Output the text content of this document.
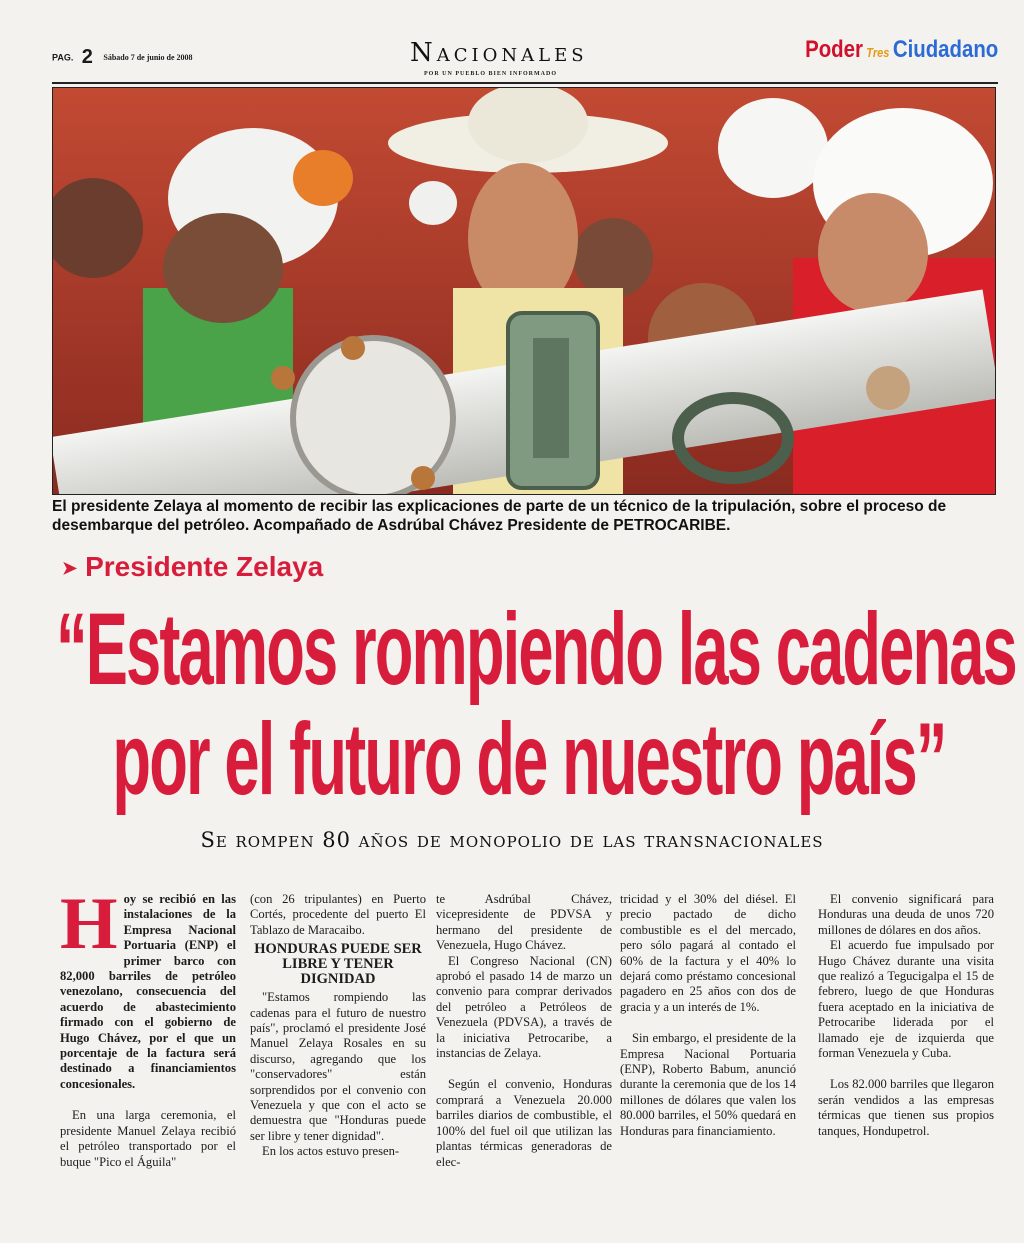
PAG. 2 Sábado 7 de junio de 2008	Nacionales
POR UN PUEBLO BIEN INFORMADO
Poder Tres Ciudadano
El presidente Zelaya al momento de recibir las explicaciones de parte de un técnico de la tripulación, sobre el proceso de desembarque del petróleo. Acompañado de Asdrúbal Chávez Presidente de PETROCARIBE.
➤ Presidente Zelaya
“Estamos rompiendo las cadenas
por el futuro de nuestro país”
Se rompen 80 años de monopolio de las transnacionales
H oy se recibió en las instalaciones de la Empresa Nacional Portuaria (ENP) el primer barco con 82,000 barriles de petróleo venezolano, consecuencia del acuerdo de abastecimiento firmado con el gobierno de Hugo Chávez, por el que un porcentaje de la factura será destinado a financiamientos concesionales.

En una larga ceremonia, el presidente Manuel Zelaya recibió el petróleo transportado por el buque "Pico el Águila"

(con 26 tripulantes) en Puerto Cortés, procedente del puerto El Tablazo de Maracaibo.

HONDURAS PUEDE SER LIBRE Y TENER DIGNIDAD

"Estamos rompiendo las cadenas para el futuro de nuestro país", proclamó el presidente José Manuel Zelaya Rosales en su discurso, agregando que los "conservadores" están sorprendidos por el convenio con Venezuela y que con el acto se demuestra que "Honduras puede ser libre y tener dignidad".

En los actos estuvo presen-

te Asdrúbal Chávez, vicepresidente de PDVSA y hermano del presidente de Venezuela, Hugo Chávez.

El Congreso Nacional (CN) aprobó el pasado 14 de marzo un convenio para comprar derivados del petróleo a Petróleos de Venezuela (PDVSA), a través de la iniciativa Petrocaribe, a instancias de Zelaya.

Según el convenio, Honduras comprará a Venezuela 20.000 barriles diarios de combustible, el 100% del fuel oil que utilizan las plantas térmicas generadoras de elec-

tricidad y el 30% del diésel. El precio pactado de dicho combustible es el del mercado, pero sólo pagará al contado el 60% de la factura y el 40% lo dejará como préstamo concesional pagadero en 25 años con dos de gracia y a un interés de 1%.

Sin embargo, el presidente de la Empresa Nacional Portuaria (ENP), Roberto Babum, anunció durante la ceremonia que de los 14 millones de dólares que valen los 80.000 barriles, el 50% quedará en Honduras para financiamiento.

El convenio significará para Honduras una deuda de unos 720 millones de dólares en dos años.

El acuerdo fue impulsado por Hugo Chávez durante una visita que realizó a Tegucigalpa el 15 de febrero, luego de que Honduras fuera aceptado en la iniciativa de Petrocaribe liderada por el llamado eje de izquierda que forman Venezuela y Cuba.

Los 82.000 barriles que llegaron serán vendidos a las empresas térmicas que tienen sus propios tanques, Hondupetrol.
